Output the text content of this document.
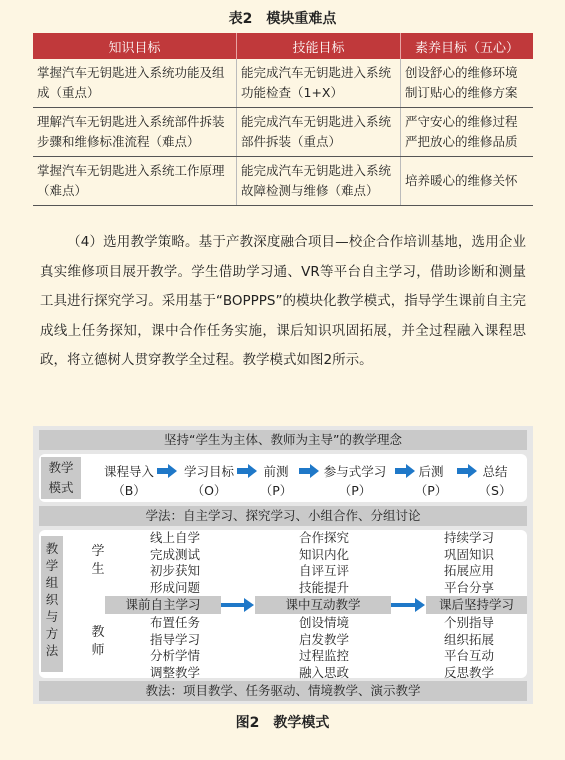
表2　模块重难点
知识目标	技能目标	素养目标（五心）
掌握汽车无钥匙进入系统功能及组成（重点）	能完成汽车无钥匙进入系统功能检查（1+X）	创设舒心的维修环境制订贴心的维修方案
理解汽车无钥匙进入系统部件拆装步骤和维修标准流程（难点）	能完成汽车无钥匙进入系统部件拆装（重点）	严守安心的维修过程严把放心的维修品质
掌握汽车无钥匙进入系统工作原理（难点）	能完成汽车无钥匙进入系统故障检测与维修（难点）	培养暖心的维修关怀
（4）选用教学策略。基于产教深度融合项目—校企合作培训基地，选用企业真实维修项目展开教学。学生借助学习通、VR等平台自主学习，借助诊断和测量工具进行探究学习。采用基于“BOPPPS”的模块化教学模式，指导学生课前自主完成线上任务探知，课中合作任务实施，课后知识巩固拓展，并全过程融入课程思政，将立德树人贯穿教学全过程。教学模式如图2所示。
坚持“学生为主体、教师为主导”的教学理念
教学模式
课程导入
（B）
学习目标
（O）
前测
（P）
参与式学习
（P）
后测
（P）
总结
（S）
学法：自主学习、探究学习、小组合作、分组讨论
教学组织与方法
学生
教师
线上自学
完成测试
初步获知
形成问题
合作探究
知识内化
自评互评
技能提升
持续学习
巩固知识
拓展应用
平台分享
课前自主学习	课中互动教学	课后坚持学习
布置任务
指导学习
分析学情
调整教学
创设情境
启发教学
过程监控
融入思政
个别指导
组织拓展
平台互动
反思教学
教法：项目教学、任务驱动、情境教学、演示教学
图2　教学模式
